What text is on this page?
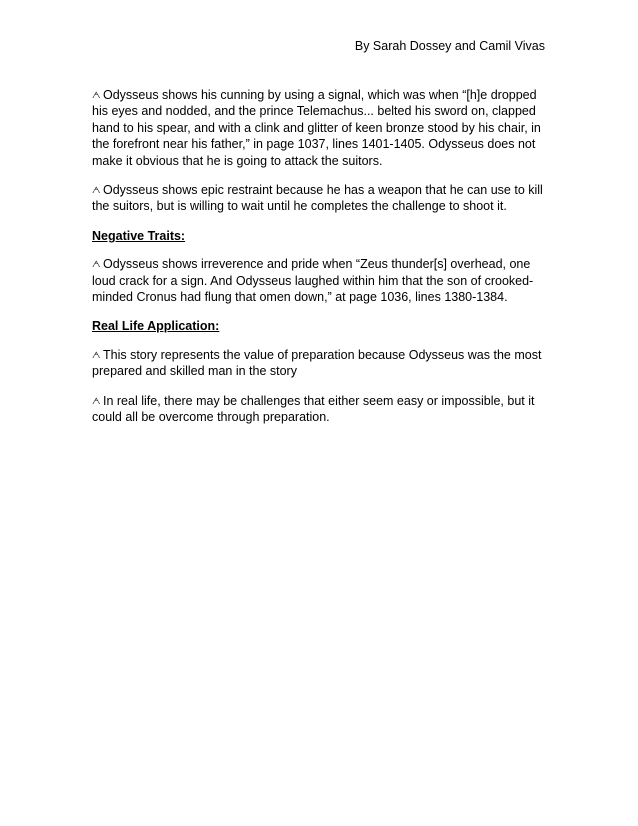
By Sarah Dossey and Camil Vivas

ᗅ Odysseus shows his cunning by using a signal, which was when “[h]e dropped his eyes and nodded, and the prince Telemachus... belted his sword on, clapped hand to his spear, and with a clink and glitter of keen bronze stood by his chair, in the forefront near his father,” in page 1037, lines 1401-1405. Odysseus does not make it obvious that he is going to attack the suitors.

ᗅ Odysseus shows epic restraint because he has a weapon that he can use to kill the suitors, but is willing to wait until he completes the challenge to shoot it.

Negative Traits:

ᗅ Odysseus shows irreverence and pride when “Zeus thunder[s] overhead, one loud crack for a sign. And Odysseus laughed within him that the son of crooked-minded Cronus had flung that omen down,” at page 1036, lines 1380-1384.

Real Life Application:

ᗅ This story represents the value of preparation because Odysseus was the most prepared and skilled man in the story

ᗅ In real life, there may be challenges that either seem easy or impossible, but it could all be overcome through preparation.
